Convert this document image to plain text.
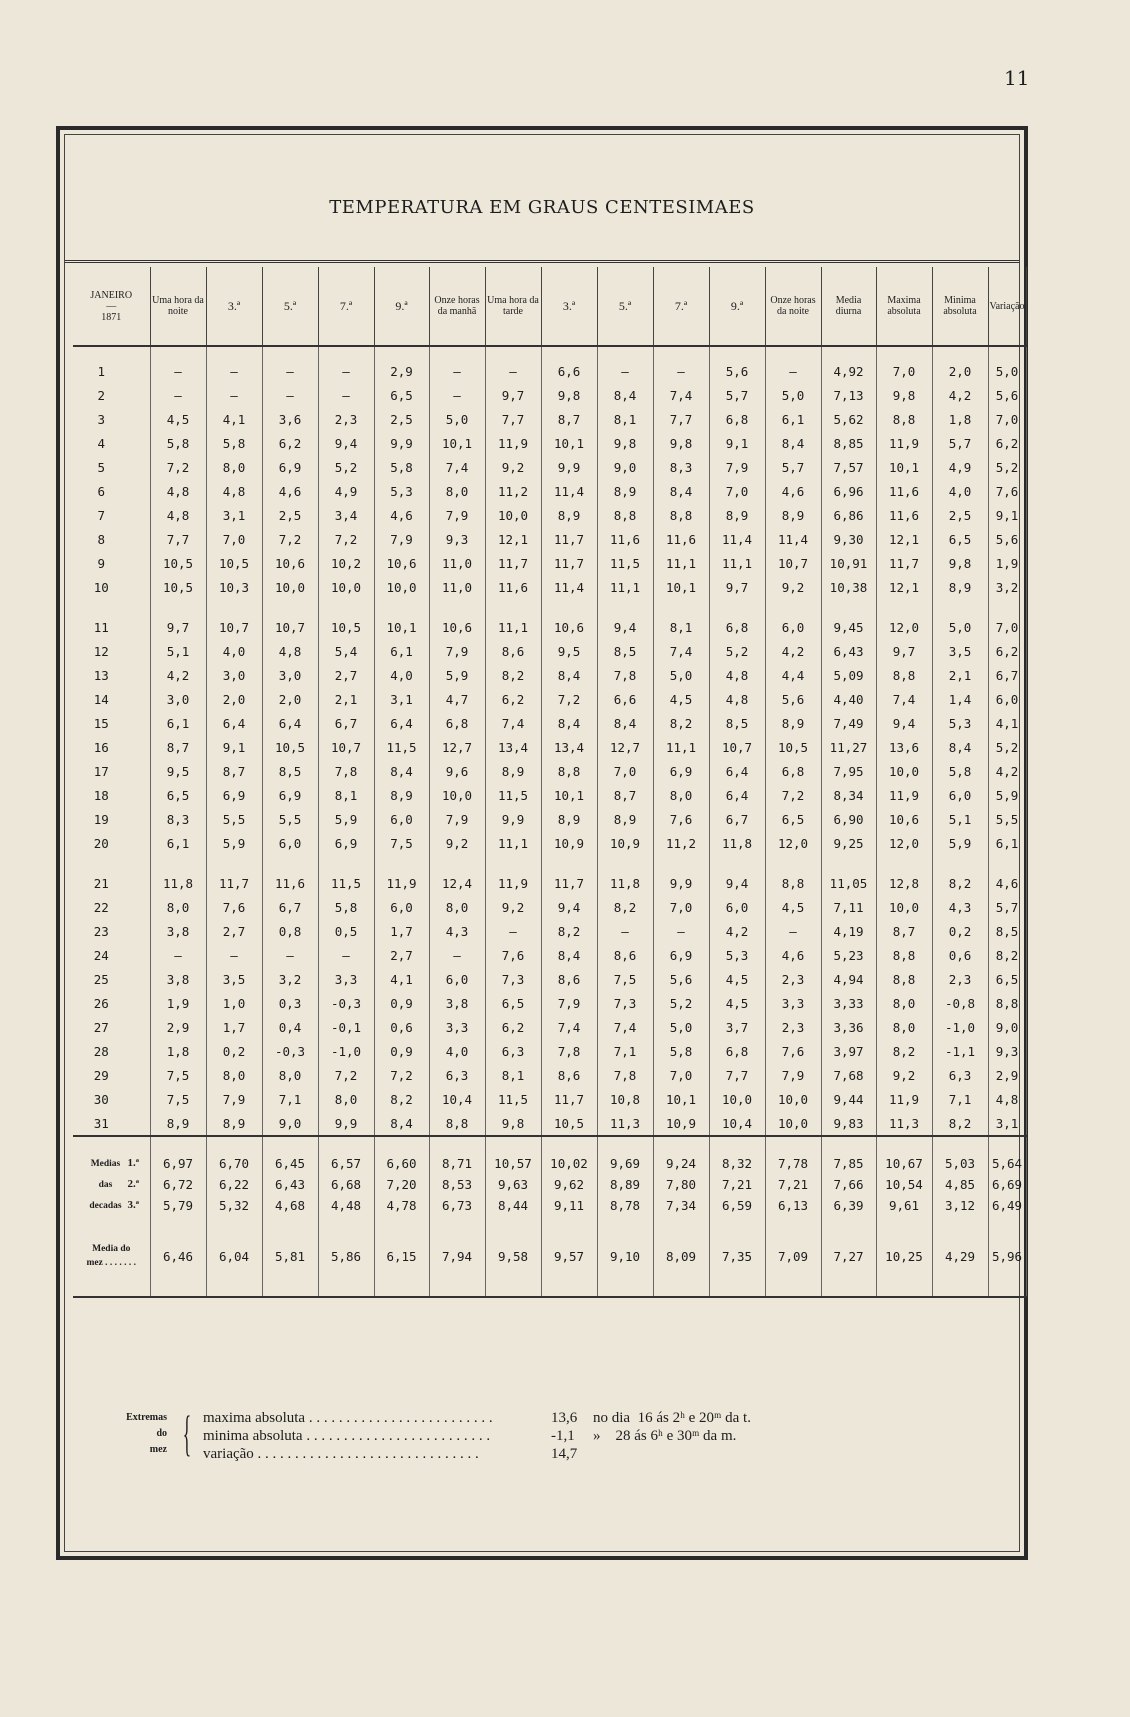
11
TEMPERATURA EM GRAUS CENTESIMAES
JANEIRO
—
1871	Uma hora da noite	3.ª	5.ª	7.ª	9.ª	Onze horas da manhã	Uma hora da tarde	3.ª	5.ª	7.ª	9.ª	Onze horas da noite	Media diurna	Maxima absoluta	Minima absoluta	Variação	
1	—	—	—	—	2,9	—	—	6,6	—	—	5,6	—	4,92	7,0	2,0	5,0	
2	—	—	—	—	6,5	—	9,7	9,8	8,4	7,4	5,7	5,0	7,13	9,8	4,2	5,6	
3	4,5	4,1	3,6	2,3	2,5	5,0	7,7	8,7	8,1	7,7	6,8	6,1	5,62	8,8	1,8	7,0	
4	5,8	5,8	6,2	9,4	9,9	10,1	11,9	10,1	9,8	9,8	9,1	8,4	8,85	11,9	5,7	6,2	
5	7,2	8,0	6,9	5,2	5,8	7,4	9,2	9,9	9,0	8,3	7,9	5,7	7,57	10,1	4,9	5,2	
6	4,8	4,8	4,6	4,9	5,3	8,0	11,2	11,4	8,9	8,4	7,0	4,6	6,96	11,6	4,0	7,6	
7	4,8	3,1	2,5	3,4	4,6	7,9	10,0	8,9	8,8	8,8	8,9	8,9	6,86	11,6	2,5	9,1	
8	7,7	7,0	7,2	7,2	7,9	9,3	12,1	11,7	11,6	11,6	11,4	11,4	9,30	12,1	6,5	5,6	
9	10,5	10,5	10,6	10,2	10,6	11,0	11,7	11,7	11,5	11,1	11,1	10,7	10,91	11,7	9,8	1,9	
10	10,5	10,3	10,0	10,0	10,0	11,0	11,6	11,4	11,1	10,1	9,7	9,2	10,38	12,1	8,9	3,2	
11	9,7	10,7	10,7	10,5	10,1	10,6	11,1	10,6	9,4	8,1	6,8	6,0	9,45	12,0	5,0	7,0	
12	5,1	4,0	4,8	5,4	6,1	7,9	8,6	9,5	8,5	7,4	5,2	4,2	6,43	9,7	3,5	6,2	
13	4,2	3,0	3,0	2,7	4,0	5,9	8,2	8,4	7,8	5,0	4,8	4,4	5,09	8,8	2,1	6,7	
14	3,0	2,0	2,0	2,1	3,1	4,7	6,2	7,2	6,6	4,5	4,8	5,6	4,40	7,4	1,4	6,0	
15	6,1	6,4	6,4	6,7	6,4	6,8	7,4	8,4	8,4	8,2	8,5	8,9	7,49	9,4	5,3	4,1	
16	8,7	9,1	10,5	10,7	11,5	12,7	13,4	13,4	12,7	11,1	10,7	10,5	11,27	13,6	8,4	5,2	
17	9,5	8,7	8,5	7,8	8,4	9,6	8,9	8,8	7,0	6,9	6,4	6,8	7,95	10,0	5,8	4,2	
18	6,5	6,9	6,9	8,1	8,9	10,0	11,5	10,1	8,7	8,0	6,4	7,2	8,34	11,9	6,0	5,9	
19	8,3	5,5	5,5	5,9	6,0	7,9	9,9	8,9	8,9	7,6	6,7	6,5	6,90	10,6	5,1	5,5	
20	6,1	5,9	6,0	6,9	7,5	9,2	11,1	10,9	10,9	11,2	11,8	12,0	9,25	12,0	5,9	6,1	
21	11,8	11,7	11,6	11,5	11,9	12,4	11,9	11,7	11,8	9,9	9,4	8,8	11,05	12,8	8,2	4,6	
22	8,0	7,6	6,7	5,8	6,0	8,0	9,2	9,4	8,2	7,0	6,0	4,5	7,11	10,0	4,3	5,7	
23	3,8	2,7	0,8	0,5	1,7	4,3	—	8,2	—	—	4,2	—	4,19	8,7	0,2	8,5	
24	—	—	—	—	2,7	—	7,6	8,4	8,6	6,9	5,3	4,6	5,23	8,8	0,6	8,2	
25	3,8	3,5	3,2	3,3	4,1	6,0	7,3	8,6	7,5	5,6	4,5	2,3	4,94	8,8	2,3	6,5	
26	1,9	1,0	0,3	-0,3	0,9	3,8	6,5	7,9	7,3	5,2	4,5	3,3	3,33	8,0	-0,8	8,8	
27	2,9	1,7	0,4	-0,1	0,6	3,3	6,2	7,4	7,4	5,0	3,7	2,3	3,36	8,0	-1,0	9,0	
28	1,8	0,2	-0,3	-1,0	0,9	4,0	6,3	7,8	7,1	5,8	6,8	7,6	3,97	8,2	-1,1	9,3	
29	7,5	8,0	8,0	7,2	7,2	6,3	8,1	8,6	7,8	7,0	7,7	7,9	7,68	9,2	6,3	2,9	
30	7,5	7,9	7,1	8,0	8,2	10,4	11,5	11,7	10,8	10,1	10,0	10,0	9,44	11,9	7,1	4,8	
31	8,9	8,9	9,0	9,9	8,4	8,8	9,8	10,5	11,3	10,9	10,4	10,0	9,83	11,3	8,2	3,1	
Medias 1.ª	6,97	6,70	6,45	6,57	6,60	8,71	10,57	10,02	9,69	9,24	8,32	7,78	7,85	10,67	5,03	5,64	
das 2.ª	6,72	6,22	6,43	6,68	7,20	8,53	9,63	9,62	8,89	7,80	7,21	7,21	7,66	10,54	4,85	6,69	
decadas 3.ª	5,79	5,32	4,68	4,48	4,78	6,73	8,44	9,11	8,78	7,34	6,59	6,13	6,39	9,61	3,12	6,49	

Media do
mez . . . . . . .	6,46	6,04	5,81	5,86	6,15	7,94	9,58	9,57	9,10	8,09	7,35	7,09	7,27	10,25	4,29	5,96	
Extremas
do
mez { maxima absoluta . . . . . . . . . . . . . . . . . . . . . . . . .	13,6 no dia  16 ás 2ʰ e 20ᵐ da t.
minima absoluta . . . . . . . . . . . . . . . . . . . . . . . . .	-1,1 »    28 ás 6ʰ e 30ᵐ da m.
variação . . . . . . . . . . . . . . . . . . . . . . . . . . . . . .	14,7
